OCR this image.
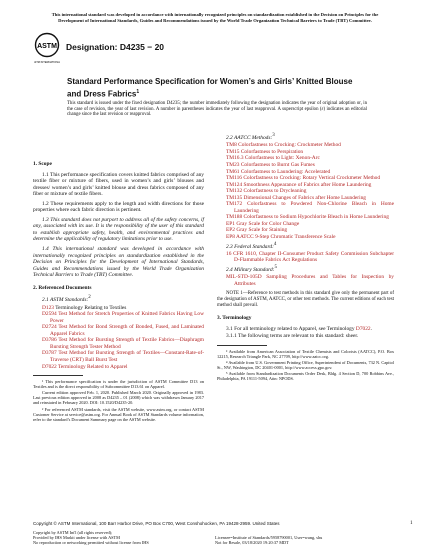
This international standard was developed in accordance with internationally recognized principles on standardization established in the Decision on Principles for the
Development of International Standards, Guides and Recommendations issued by the World Trade Organization Technical Barriers to Trade (TBT) Committee.
ASTM
ASTM INTERNATIONAL
Designation: D4235 − 20
Standard Performance Specification for Women’s and Girls’ Knitted Blouse and Dress Fabrics$^1$
This standard is issued under the fixed designation D4235; the number immediately following the designation indicates the year of original adoption or, in the case of revision, the year of last revision. A number in parentheses indicates the year of last reapproval. A superscript epsilon (ε) indicates an editorial change since the last revision or reapproval.
1. Scope

1.1 This performance specification covers knitted fabrics comprised of any textile fiber or mixture of fibers, used in women’s and girls’ blouses and dresses/ women’s and girls’ knitted blouse and dress fabrics composed of any fiber or mixture of textile fibers.

1.2 These requirements apply to the length and width directions for those properties where each fabric direction is pertinent.

1.3 This standard does not purport to address all of the safety concerns, if any, associated with its use. It is the responsibility of the user of this standard to establish appropriate safety, health, and environmental practices and determine the applicability of regulatory limitations prior to use.

1.4 This international standard was developed in accordance with internationally recognized principles on standardization established in the Decision on Principles for the Development of International Standards, Guides and Recommendations issued by the World Trade Organization Technical Barriers to Trade (TBT) Committee.

2. Referenced Documents

2.1 ASTM Standards:2

D123 Terminology Relating to Textiles

D2594 Test Method for Stretch Properties of Knitted Fabrics Having Low Power

D2724 Test Method for Bond Strength of Bonded, Fused, and Laminated Apparel Fabrics

D3786 Test Method for Bursting Strength of Textile Fabrics—Diaphragm Bursting Strength Tester Method

D3787 Test Method for Bursting Strength of Textiles—Constant-Rate-of-Traverse (CRT) Ball Burst Test

D7022 Terminology Related to Apparel

¹ This performance specification is under the jurisdiction of ASTM Committee D13 on Textiles and is the direct responsibility of Subcommittee D13.61 on Apparel.

Current edition approved Feb. 1, 2020. Published March 2020. Originally approved in 1983. Last previous edition approved in 2008 as D4235 – 01 (2008) which was withdrawn January 2017 and reinstated in February 2020. DOI: 10.1520/D4235-20.

² For referenced ASTM standards, visit the ASTM website, www.astm.org, or contact ASTM Customer Service at service@astm.org. For Annual Book of ASTM Standards volume information, refer to the standard’s Document Summary page on the ASTM website.

2.2 AATCC Methods:3

TM8 Colorfastness to Crocking: Crockmeter Method

TM15 Colorfastness to Perspiration

TM16.3 Colorfastness to Light: Xenon-Arc

TM23 Colorfastness to Burnt Gas Fumes

TM61 Colorfastness to Laundering: Accelerated

TM116 Colorfastness to Crocking: Rotary Vertical Crockmeter Method

TM124 Smoothness Appearance of Fabrics after Home Laundering

TM132 Colorfastness to Drycleaning

TM135 Dimensional Changes of Fabrics after Home Laundering

TM172 Colorfastness to Powdered Non-Chlorine Bleach in Home Laundering

TM188 Colorfastness to Sodium Hypochlorite Bleach in Home Laundering

EP1 Gray Scale for Color Change

EP2 Gray Scale for Staining

EP8 AATCC 9-Step Chromatic Transference Scale

2.3 Federal Standard:4

16 CFR 1610, Chapter II-Consumer Product Safety Commission Subchapter D-Flammable Fabrics Act Regulations

2.4 Military Standard:5

MIL-STD-105D Sampling Procedures and Tables for Inspection by Attributes

NOTE 1—Reference to test methods in this standard give only the permanent part of the designation of ASTM, AATCC, or other test methods. The current editions of each test method shall prevail.

3. Terminology

3.1 For all terminology related to Apparel, see Terminology D7022.

3.1.1 The following terms are relevant to this standard: sheer.

³ Available from American Association of Textile Chemists and Colorists (AATCC), P.O. Box 12215, Research Triangle Park, NC 27709, http://www.aatcc.org.

⁴ Available from U.S. Government Printing Office, Superintendent of Documents, 732 N. Capitol St., NW, Washington, DC 20401-0001, http://www.access.gpo.gov.

⁵ Available from Standardization Documents Order Desk, Bldg. 4 Section D, 700 Robbins Ave., Philadelphia, PA 19111-5094, Attn: NPODS.

Copyright © ASTM International, 100 Barr Harbor Drive, PO Box C700, West Conshohocken, PA 19428-2959. United States	1
Copyright by ASTM Int'l (all rights reserved);
Provided by IHS Markit under license with ASTM
No reproduction or networking permitted without license from IHS
Licensee=Institute of Standards/5958790001, User=wang, shu
Not for Resale, 03/18/2020 19:20:37 MDT
